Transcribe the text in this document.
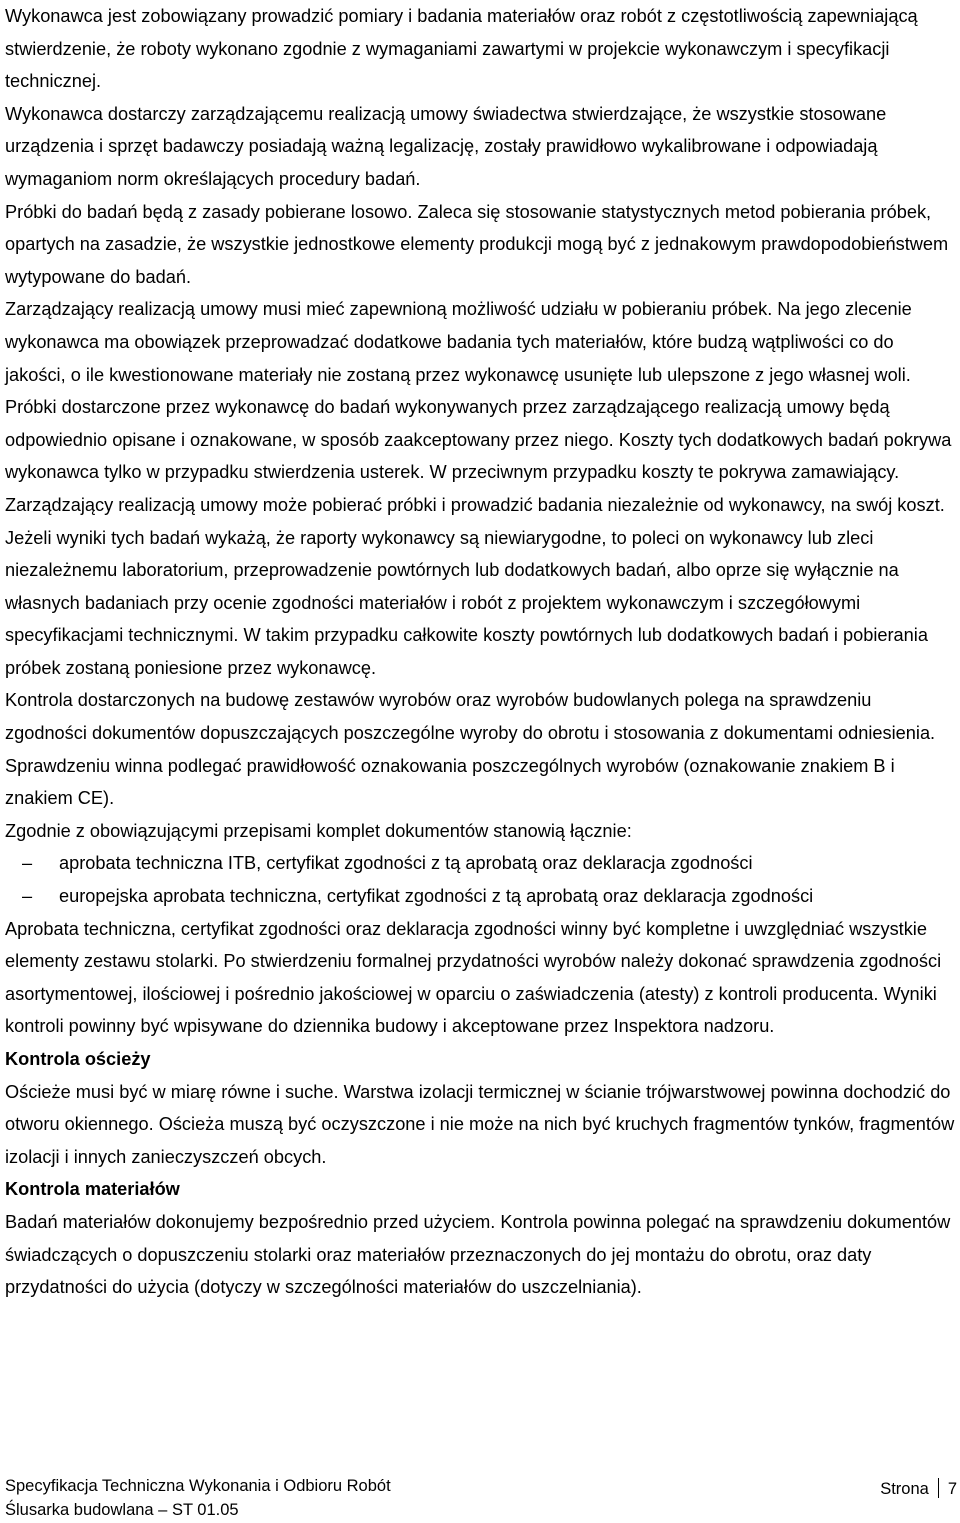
Wykonawca jest zobowiązany prowadzić pomiary i badania materiałów oraz robót z częstotliwością zapewniającą stwierdzenie, że roboty wykonano zgodnie z wymaganiami zawartymi w projekcie wykonawczym i specyfikacji technicznej.

Wykonawca dostarczy zarządzającemu realizacją umowy świadectwa stwierdzające, że wszystkie stosowane urządzenia i sprzęt badawczy posiadają ważną legalizację, zostały prawidłowo wykalibrowane i odpowiadają wymaganiom norm określających procedury badań.

Próbki do badań będą z zasady pobierane losowo. Zaleca się stosowanie statystycznych metod pobierania próbek, opartych na zasadzie, że wszystkie jednostkowe elementy produkcji mogą być z jednakowym prawdopodobieństwem wytypowane do badań.

Zarządzający realizacją umowy musi mieć zapewnioną możliwość udziału w pobieraniu próbek. Na jego zlecenie wykonawca ma obowiązek przeprowadzać dodatkowe badania tych materiałów, które budzą wątpliwości co do jakości, o ile kwestionowane materiały nie zostaną przez wykonawcę usunięte lub ulepszone z jego własnej woli. Próbki dostarczone przez wykonawcę do badań wykonywanych przez zarządzającego realizacją umowy będą odpowiednio opisane i oznakowane, w sposób zaakceptowany przez niego. Koszty tych dodatkowych badań pokrywa wykonawca tylko w przypadku stwierdzenia usterek. W przeciwnym przypadku koszty te pokrywa zamawiający.

Zarządzający realizacją umowy może pobierać próbki i prowadzić badania niezależnie od wykonawcy, na swój koszt. Jeżeli wyniki tych badań wykażą, że raporty wykonawcy są niewiarygodne, to poleci on wykonawcy lub zleci niezależnemu laboratorium, przeprowadzenie powtórnych lub dodatkowych badań, albo oprze się wyłącznie na własnych badaniach przy ocenie zgodności materiałów i robót z projektem wykonawczym i szczegółowymi specyfikacjami technicznymi. W takim przypadku całkowite koszty powtórnych lub dodatkowych badań i pobierania próbek zostaną poniesione przez wykonawcę.

Kontrola dostarczonych na budowę zestawów wyrobów oraz wyrobów budowlanych polega na sprawdzeniu zgodności dokumentów dopuszczających poszczególne wyroby do obrotu i stosowania z dokumentami odniesienia. Sprawdzeniu winna podlegać prawidłowość oznakowania poszczególnych wyrobów (oznakowanie znakiem B i znakiem CE).

Zgodnie z obowiązującymi przepisami komplet dokumentów stanowią łącznie:

– aprobata techniczna ITB, certyfikat zgodności z tą aprobatą oraz deklaracja zgodności
– europejska aprobata techniczna, certyfikat zgodności z tą aprobatą oraz deklaracja zgodności

Aprobata techniczna, certyfikat zgodności oraz deklaracja zgodności winny być kompletne i uwzględniać wszystkie elementy zestawu stolarki. Po stwierdzeniu formalnej przydatności wyrobów należy dokonać sprawdzenia zgodności asortymentowej, ilościowej i pośrednio jakościowej w oparciu o zaświadczenia (atesty) z kontroli producenta. Wyniki kontroli powinny być wpisywane do dziennika budowy i akceptowane przez Inspektora nadzoru.

Kontrola ościeży

Ościeże musi być w miarę równe i suche. Warstwa izolacji termicznej w ścianie trójwarstwowej powinna dochodzić do otworu okiennego. Ościeża muszą być oczyszczone i nie może na nich być kruchych fragmentów tynków, fragmentów izolacji i innych zanieczyszczeń obcych.

Kontrola materiałów

Badań materiałów dokonujemy bezpośrednio przed użyciem. Kontrola powinna polegać na sprawdzeniu dokumentów świadczących o dopuszczeniu stolarki oraz materiałów przeznaczonych do jej montażu do obrotu, oraz daty przydatności do użycia (dotyczy w szczególności materiałów do uszczelniania).

Specyfikacja Techniczna Wykonania i Odbioru Robót
Ślusarka budowlana – ST 01.05
Strona 7
